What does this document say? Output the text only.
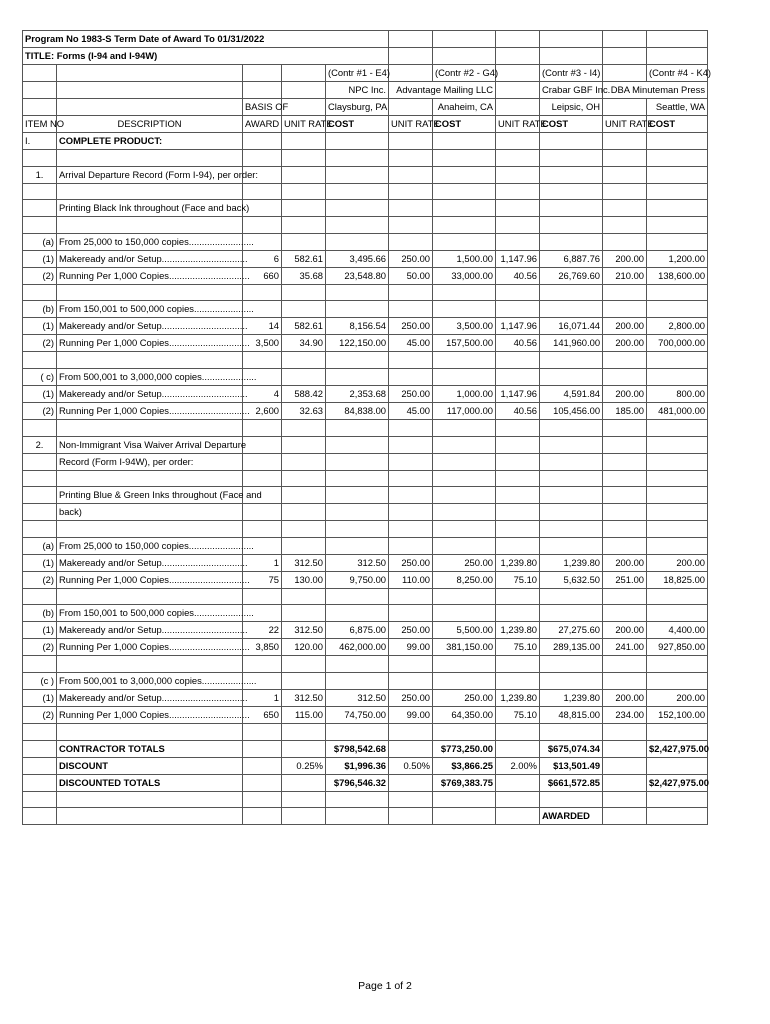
Program No 1983-S Term Date of Award To 01/31/2022										
TITLE: Forms (I-94 and I-94W)										
				(Contr #1 - E4)		(Contr #2 - G4)		(Contr #3 - I4)		(Contr #4 - K4)
				NPC Inc.	Advantage Mailing LLC			Crabar GBF Inc.	DBA Minuteman Press	
		BASIS OF		Claysburg, PA		Anaheim, CA		Leipsic, OH		Seattle, WA
ITEM NO	DESCRIPTION	AWARD	UNIT RATE	COST	UNIT RATE	COST	UNIT RATE	COST	UNIT RATE	COST
I.	COMPLETE PRODUCT:									

1.	Arrival Departure Record (Form I-94), per order:									

	Printing Black Ink throughout (Face and back)									

(a)	From 25,000 to 150,000 copies.........................									
(1)	Makeready and/or Setup.................................	6	582.61	3,495.66	250.00	1,500.00	1,147.96	6,887.76	200.00	1,200.00
(2)	Running Per 1,000 Copies...............................	660	35.68	23,548.80	50.00	33,000.00	40.56	26,769.60	210.00	138,600.00

(b)	From 150,001 to 500,000 copies.......................									
(1)	Makeready and/or Setup.................................	14	582.61	8,156.54	250.00	3,500.00	1,147.96	16,071.44	200.00	2,800.00
(2)	Running Per 1,000 Copies...............................	3,500	34.90	122,150.00	45.00	157,500.00	40.56	141,960.00	200.00	700,000.00

( c)	From 500,001 to 3,000,000 copies.....................									
(1)	Makeready and/or Setup.................................	4	588.42	2,353.68	250.00	1,000.00	1,147.96	4,591.84	200.00	800.00
(2)	Running Per 1,000 Copies...............................	2,600	32.63	84,838.00	45.00	117,000.00	40.56	105,456.00	185.00	481,000.00

2.	Non-Immigrant Visa Waiver Arrival Departure									
	Record (Form I-94W), per order:									

	Printing Blue & Green Inks throughout (Face and									
	back)									

(a)	From 25,000 to 150,000 copies.........................									
(1)	Makeready and/or Setup.................................	1	312.50	312.50	250.00	250.00	1,239.80	1,239.80	200.00	200.00
(2)	Running Per 1,000 Copies...............................	75	130.00	9,750.00	110.00	8,250.00	75.10	5,632.50	251.00	18,825.00

(b)	From 150,001 to 500,000 copies.......................									
(1)	Makeready and/or Setup.................................	22	312.50	6,875.00	250.00	5,500.00	1,239.80	27,275.60	200.00	4,400.00
(2)	Running Per 1,000 Copies...............................	3,850	120.00	462,000.00	99.00	381,150.00	75.10	289,135.00	241.00	927,850.00

(c )	From 500,001 to 3,000,000 copies.....................									
(1)	Makeready and/or Setup.................................	1	312.50	312.50	250.00	250.00	1,239.80	1,239.80	200.00	200.00
(2)	Running Per 1,000 Copies...............................	650	115.00	74,750.00	99.00	64,350.00	75.10	48,815.00	234.00	152,100.00

	CONTRACTOR TOTALS			$798,542.68		$773,250.00		$675,074.34		$2,427,975.00
	DISCOUNT		0.25%	$1,996.36	0.50%	$3,866.25	2.00%	$13,501.49		
	DISCOUNTED TOTALS			$796,546.32		$769,383.75		$661,572.85		$2,427,975.00

								AWARDED		
Page 1 of 2
